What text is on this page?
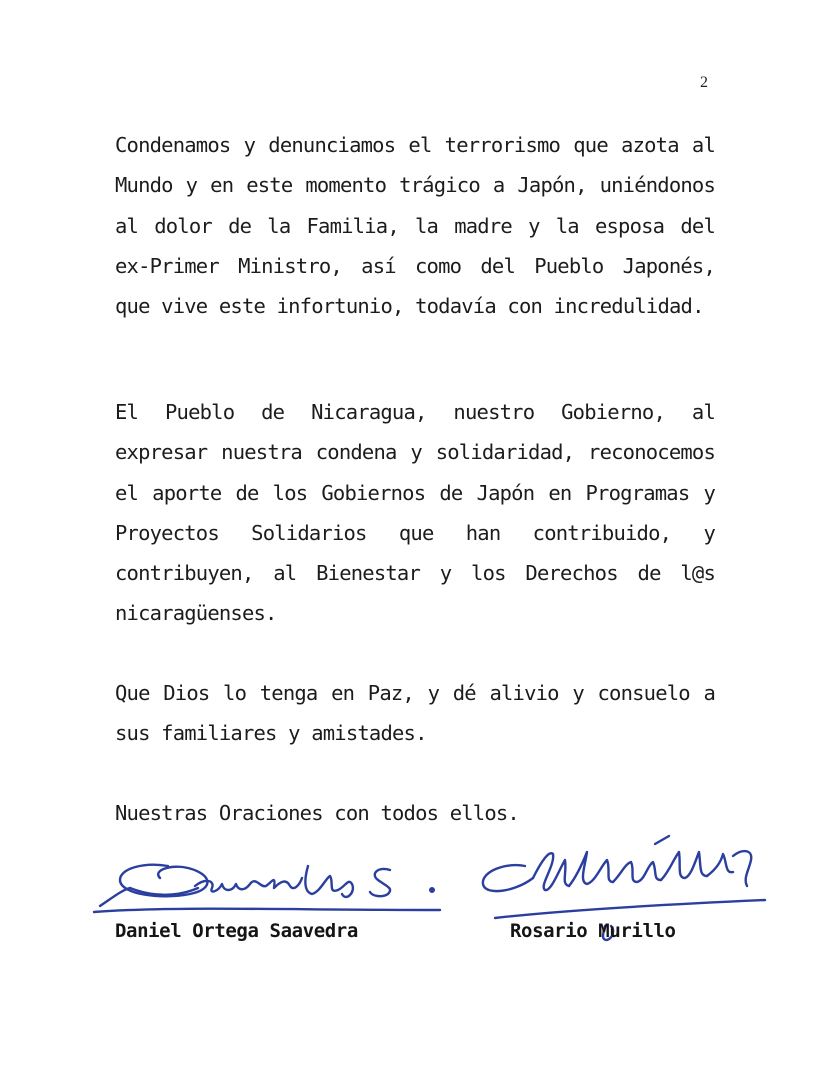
2

Condenamos y denunciamos el terrorismo que azota al Mundo y en este momento trágico a Japón, uniéndonos al dolor de la Familia, la madre y la esposa del ex-Primer Ministro, así como del Pueblo Japonés, que vive este infortunio, todavía con incredulidad.

El Pueblo de Nicaragua, nuestro Gobierno, al expresar nuestra condena y solidaridad, reconocemos el aporte de los Gobiernos de Japón en Programas y Proyectos Solidarios que han contribuido, y contribuyen, al Bienestar y los Derechos de l@s nicaragüenses.

Que Dios lo tenga en Paz, y dé alivio y consuelo a sus familiares y amistades.

Nuestras Oraciones con todos ellos.

Daniel Ortega Saavedra	Rosario Murillo
